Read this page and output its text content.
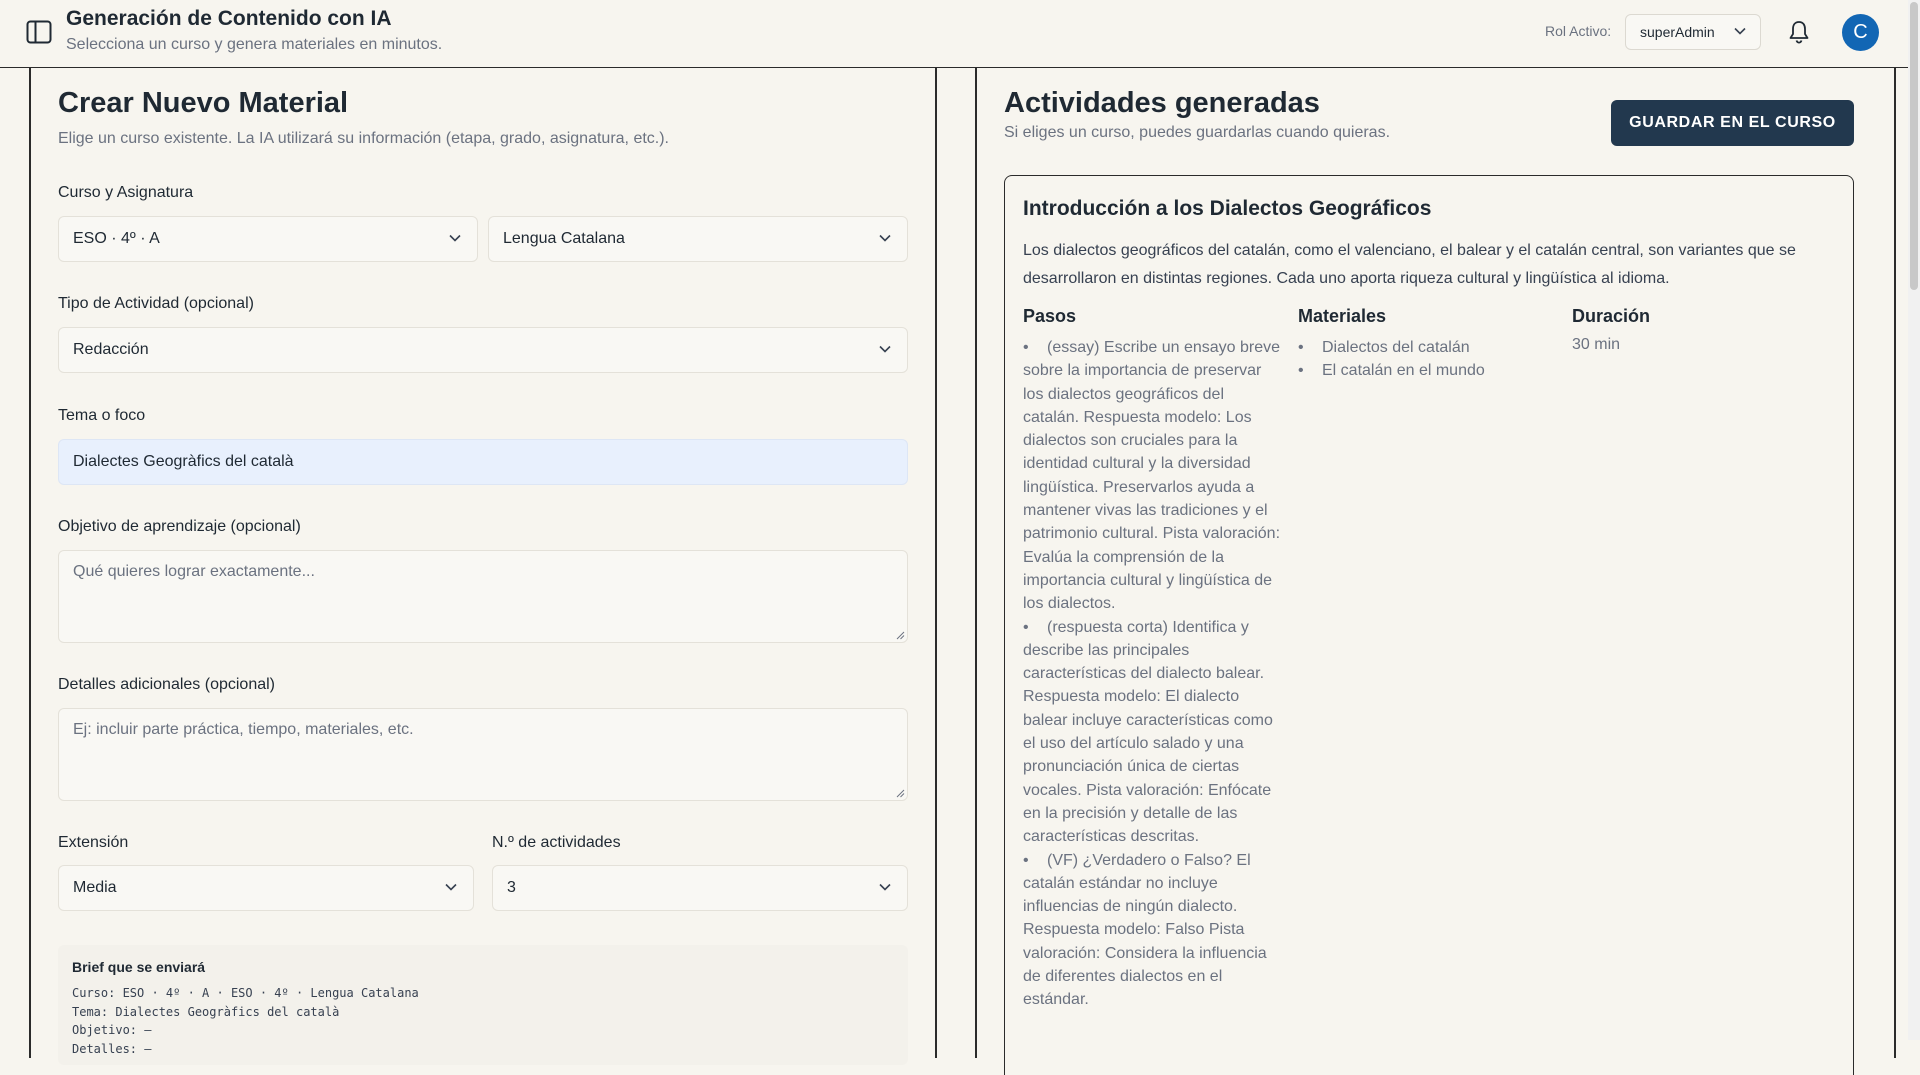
Generación de Contenido con IA
Selecciona un curso y genera materiales en minutos.
Rol Activo:	superAdmin	C
Crear Nuevo Material
Elige un curso existente. La IA utilizará su información (etapa, grado, asignatura, etc.).
Curso y Asignatura
ESO · 4º · A	Lengua Catalana
Tipo de Actividad (opcional)
Redacción
Tema o foco
Dialectes Geogràfics del català
Objetivo de aprendizaje (opcional)
Qué quieres lograr exactamente...
Detalles adicionales (opcional)
Ej: incluir parte práctica, tiempo, materiales, etc.
Extensión
Media
N.º de actividades
3
Brief que se enviará
Curso: ESO · 4º · A · ESO · 4º · Lengua Catalana
Tema: Dialectes Geogràfics del català
Objetivo: —
Detalles: —
Actividades generadas
Si eliges un curso, puedes guardarlas cuando quieras.
GUARDAR EN EL CURSO
Introducción a los Dialectos Geográficos
Los dialectos geográficos del catalán, como el valenciano, el balear y el catalán central, son variantes que se desarrollaron en distintas regiones. Cada uno aporta riqueza cultural y lingüística al idioma.
Pasos
• (essay) Escribe un ensayo breve sobre la importancia de preservar los dialectos geográficos del catalán. Respuesta modelo: Los dialectos son cruciales para la identidad cultural y la diversidad lingüística. Preservarlos ayuda a mantener vivas las tradiciones y el patrimonio cultural. Pista valoración: Evalúa la comprensión de la importancia cultural y lingüística de los dialectos.
• (respuesta corta) Identifica y describe las principales características del dialecto balear. Respuesta modelo: El dialecto balear incluye características como el uso del artículo salado y una pronunciación única de ciertas vocales. Pista valoración: Enfócate en la precisión y detalle de las características descritas.
• (VF) ¿Verdadero o Falso? El catalán estándar no incluye influencias de ningún dialecto. Respuesta modelo: Falso Pista valoración: Considera la influencia de diferentes dialectos en el estándar.
Materiales
• Dialectos del catalán
• El catalán en el mundo
Duración
30 min
